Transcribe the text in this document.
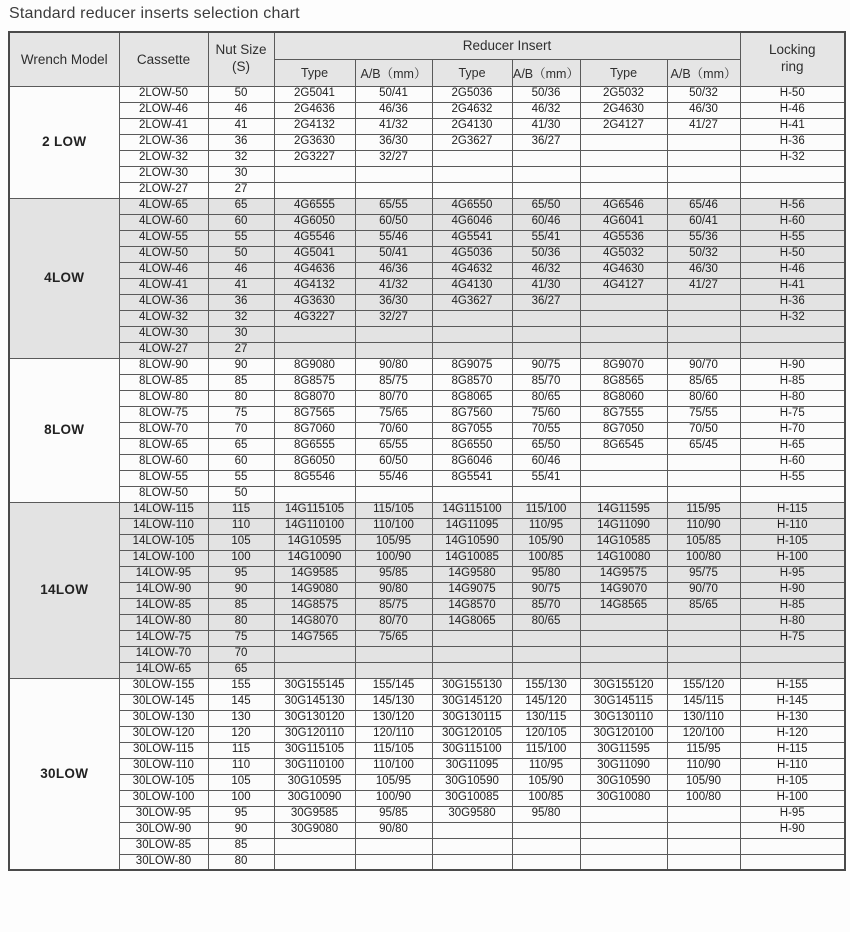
Standard reducer inserts selection chart
Wrench Model	Cassette	Nut Size
(S)	Reducer Insert						Locking
ring

			Type	A/B（mm）	Type	A/B（mm）	Type	A/B（mm）	
2 LOW	2LOW-50	50	2G5041	50/41	2G5036	50/36	2G5032	50/32	H-50
	2LOW-46	46	2G4636	46/36	2G4632	46/32	2G4630	46/30	H-46
	2LOW-41	41	2G4132	41/32	2G4130	41/30	2G4127	41/27	H-41
	2LOW-36	36	2G3630	36/30	2G3627	36/27			H-36
	2LOW-32	32	2G3227	32/27					H-32
	2LOW-30	30							
	2LOW-27	27							
4LOW	4LOW-65	65	4G6555	65/55	4G6550	65/50	4G6546	65/46	H-56
	4LOW-60	60	4G6050	60/50	4G6046	60/46	4G6041	60/41	H-60
	4LOW-55	55	4G5546	55/46	4G5541	55/41	4G5536	55/36	H-55
	4LOW-50	50	4G5041	50/41	4G5036	50/36	4G5032	50/32	H-50
	4LOW-46	46	4G4636	46/36	4G4632	46/32	4G4630	46/30	H-46
	4LOW-41	41	4G4132	41/32	4G4130	41/30	4G4127	41/27	H-41
	4LOW-36	36	4G3630	36/30	4G3627	36/27			H-36
	4LOW-32	32	4G3227	32/27					H-32
	4LOW-30	30							
	4LOW-27	27							
8LOW	8LOW-90	90	8G9080	90/80	8G9075	90/75	8G9070	90/70	H-90
	8LOW-85	85	8G8575	85/75	8G8570	85/70	8G8565	85/65	H-85
	8LOW-80	80	8G8070	80/70	8G8065	80/65	8G8060	80/60	H-80
	8LOW-75	75	8G7565	75/65	8G7560	75/60	8G7555	75/55	H-75
	8LOW-70	70	8G7060	70/60	8G7055	70/55	8G7050	70/50	H-70
	8LOW-65	65	8G6555	65/55	8G6550	65/50	8G6545	65/45	H-65
	8LOW-60	60	8G6050	60/50	8G6046	60/46			H-60
	8LOW-55	55	8G5546	55/46	8G5541	55/41			H-55
	8LOW-50	50							
14LOW	14LOW-115	115	14G115105	115/105	14G115100	115/100	14G11595	115/95	H-115
	14LOW-110	110	14G110100	110/100	14G11095	110/95	14G11090	110/90	H-110
	14LOW-105	105	14G10595	105/95	14G10590	105/90	14G10585	105/85	H-105
	14LOW-100	100	14G10090	100/90	14G10085	100/85	14G10080	100/80	H-100
	14LOW-95	95	14G9585	95/85	14G9580	95/80	14G9575	95/75	H-95
	14LOW-90	90	14G9080	90/80	14G9075	90/75	14G9070	90/70	H-90
	14LOW-85	85	14G8575	85/75	14G8570	85/70	14G8565	85/65	H-85
	14LOW-80	80	14G8070	80/70	14G8065	80/65			H-80
	14LOW-75	75	14G7565	75/65					H-75
	14LOW-70	70							
	14LOW-65	65							
30LOW	30LOW-155	155	30G155145	155/145	30G155130	155/130	30G155120	155/120	H-155
	30LOW-145	145	30G145130	145/130	30G145120	145/120	30G145115	145/115	H-145
	30LOW-130	130	30G130120	130/120	30G130115	130/115	30G130110	130/110	H-130
	30LOW-120	120	30G120110	120/110	30G120105	120/105	30G120100	120/100	H-120
	30LOW-115	115	30G115105	115/105	30G115100	115/100	30G11595	115/95	H-115
	30LOW-110	110	30G110100	110/100	30G11095	110/95	30G11090	110/90	H-110
	30LOW-105	105	30G10595	105/95	30G10590	105/90	30G10590	105/90	H-105
	30LOW-100	100	30G10090	100/90	30G10085	100/85	30G10080	100/80	H-100
	30LOW-95	95	30G9585	95/85	30G9580	95/80			H-95
	30LOW-90	90	30G9080	90/80					H-90
	30LOW-85	85							
	30LOW-80	80							
